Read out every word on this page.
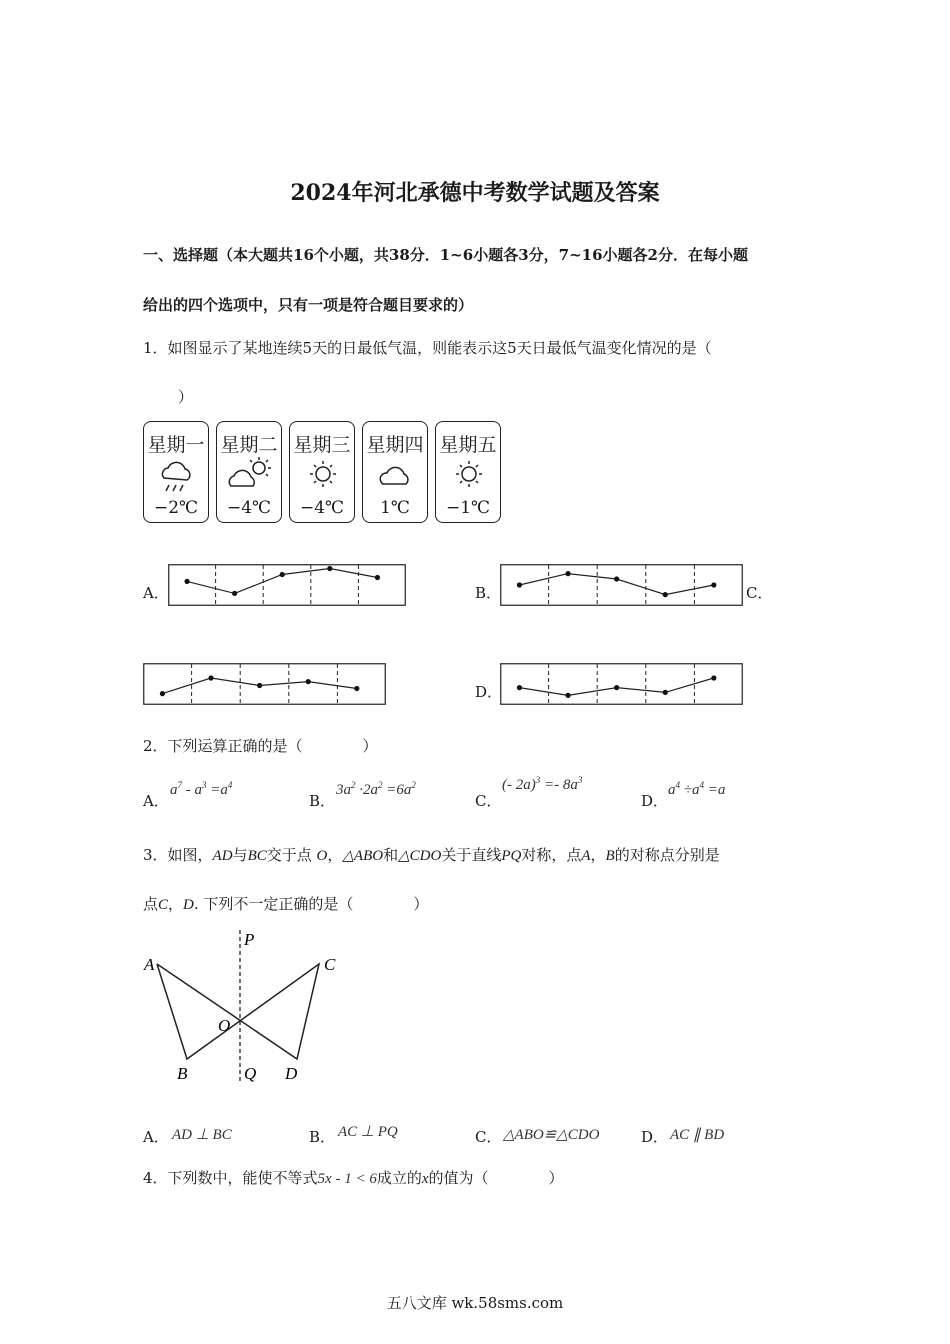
2024年河北承德中考数学试题及答案
一、选择题（本大题共16个小题，共38分．1~6小题各3分，7~16小题各2分．在每小题
给出的四个选项中，只有一项是符合题目要求的）
1．如图显示了某地连续5天的日最低气温，则能表示这5天日最低气温变化情况的是（
）
星期一
−2℃
星期二
−4℃
星期三
−4℃
星期四
1℃
星期五
−1℃
A．	B．	C．
D．
2．下列运算正确的是（　　　　）
A．
$a^7 - a^3 =a^4$
B．
$3a^2 \cdot 2a^2 =6a^2$
C．
(- $2a)^3 =- 8a^3$
D．
$a^4 \div a^4 =a$
3．如图，AD与BC交于点 O，△ABO和△CDO关于直线PQ对称，点A，B的对称点分别是
点C，D. 下列不一定正确的是（　　　　）
P
A	C
O
B	Q D
A． AD ⊥ BC	B． AC ⊥ PQ	C． △ABO≌△CDO	D． AC ∥ BD
4．下列数中，能使不等式5x - 1 < 6成立的x的值为（　　　　）
五八文库 wk.58sms.com
